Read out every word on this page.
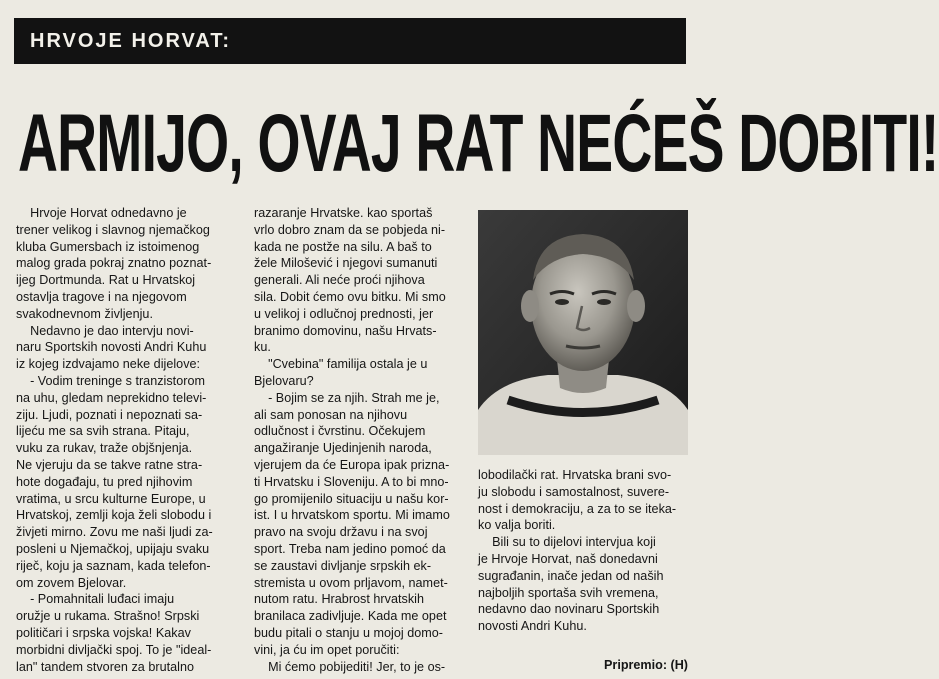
HRVOJE HORVAT:
ARMIJO, OVAJ RAT NEĆEŠ DOBITI!

Hrvoje Horvat odnedavno je

trener velikog i slavnog njemačkog

kluba Gumersbach iz istoimenog

malog grada pokraj znatno poznat-

ijeg Dortmunda. Rat u Hrvatskoj

ostavlja tragove i na njegovom

svakodnevnom življenju.

Nedavno je dao intervju novi-

naru Sportskih novosti Andri Kuhu

iz kojeg izdvajamo neke dijelove:

- Vodim treninge s tranzistorom

na uhu, gledam neprekidno televi-

ziju. Ljudi, poznati i nepoznati sa-

lijeću me sa svih strana. Pitaju,

vuku za rukav, traže objšnjenja.

Ne vjeruju da se takve ratne stra-

hote događaju, tu pred njihovim

vratima, u srcu kulturne Europe, u

Hrvatskoj, zemlji koja želi slobodu i

živjeti mirno. Zovu me naši ljudi za-

posleni u Njemačkoj, upijaju svaku

riječ, koju ja saznam, kada telefon-

om zovem Bjelovar.

- Pomahnitali luđaci imaju

oružje u rukama. Strašno! Srpski

političari i srpska vojska! Kakav

morbidni divljački spoj. To je "ideal-

lan" tandem stvoren za brutalno

razaranje Hrvatske. kao sportaš

vrlo dobro znam da se pobjeda ni-

kada ne postže na silu. A baš to

žele Milošević i njegovi sumanuti

generali. Ali neće proći njihova

sila. Dobit ćemo ovu bitku. Mi smo

u velikoj i odlučnoj prednosti, jer

branimo domovinu, našu Hrvats-

ku.

"Cvebina" familija ostala je u

Bjelovaru?

- Bojim se za njih. Strah me je,

ali sam ponosan na njihovu

odlučnost i čvrstinu. Očekujem

angažiranje Ujedinjenih naroda,

vjerujem da će Europa ipak prizna-

ti Hrvatsku i Sloveniju. A to bi mno-

go promijenilo situaciju u našu kor-

ist. I u hrvatskom sportu. Mi imamo

pravo na svoju državu i na svoj

sport. Treba nam jedino pomoć da

se zaustavi divljanje srpskih ek-

stremista u ovom prljavom, namet-

nutom ratu. Hrabrost hrvatskih

branilaca zadivljuje. Kada me opet

budu pitali o stanju u mojoj domo-

vini, ja ću im opet poručiti:

Mi ćemo pobijediti! Jer, to je os-

lobodilački rat. Hrvatska brani svo-

ju slobodu i samostalnost, suvere-

nost i demokraciju, a za to se iteka-

ko valja boriti.

Bili su to dijelovi intervjua koji

je Hrvoje Horvat, naš donedavni

sugrađanin, inače jedan od naših

najboljih sportaša svih vremena,

nedavno dao novinaru Sportskih

novosti Andri Kuhu.

Pripremio: (H)
